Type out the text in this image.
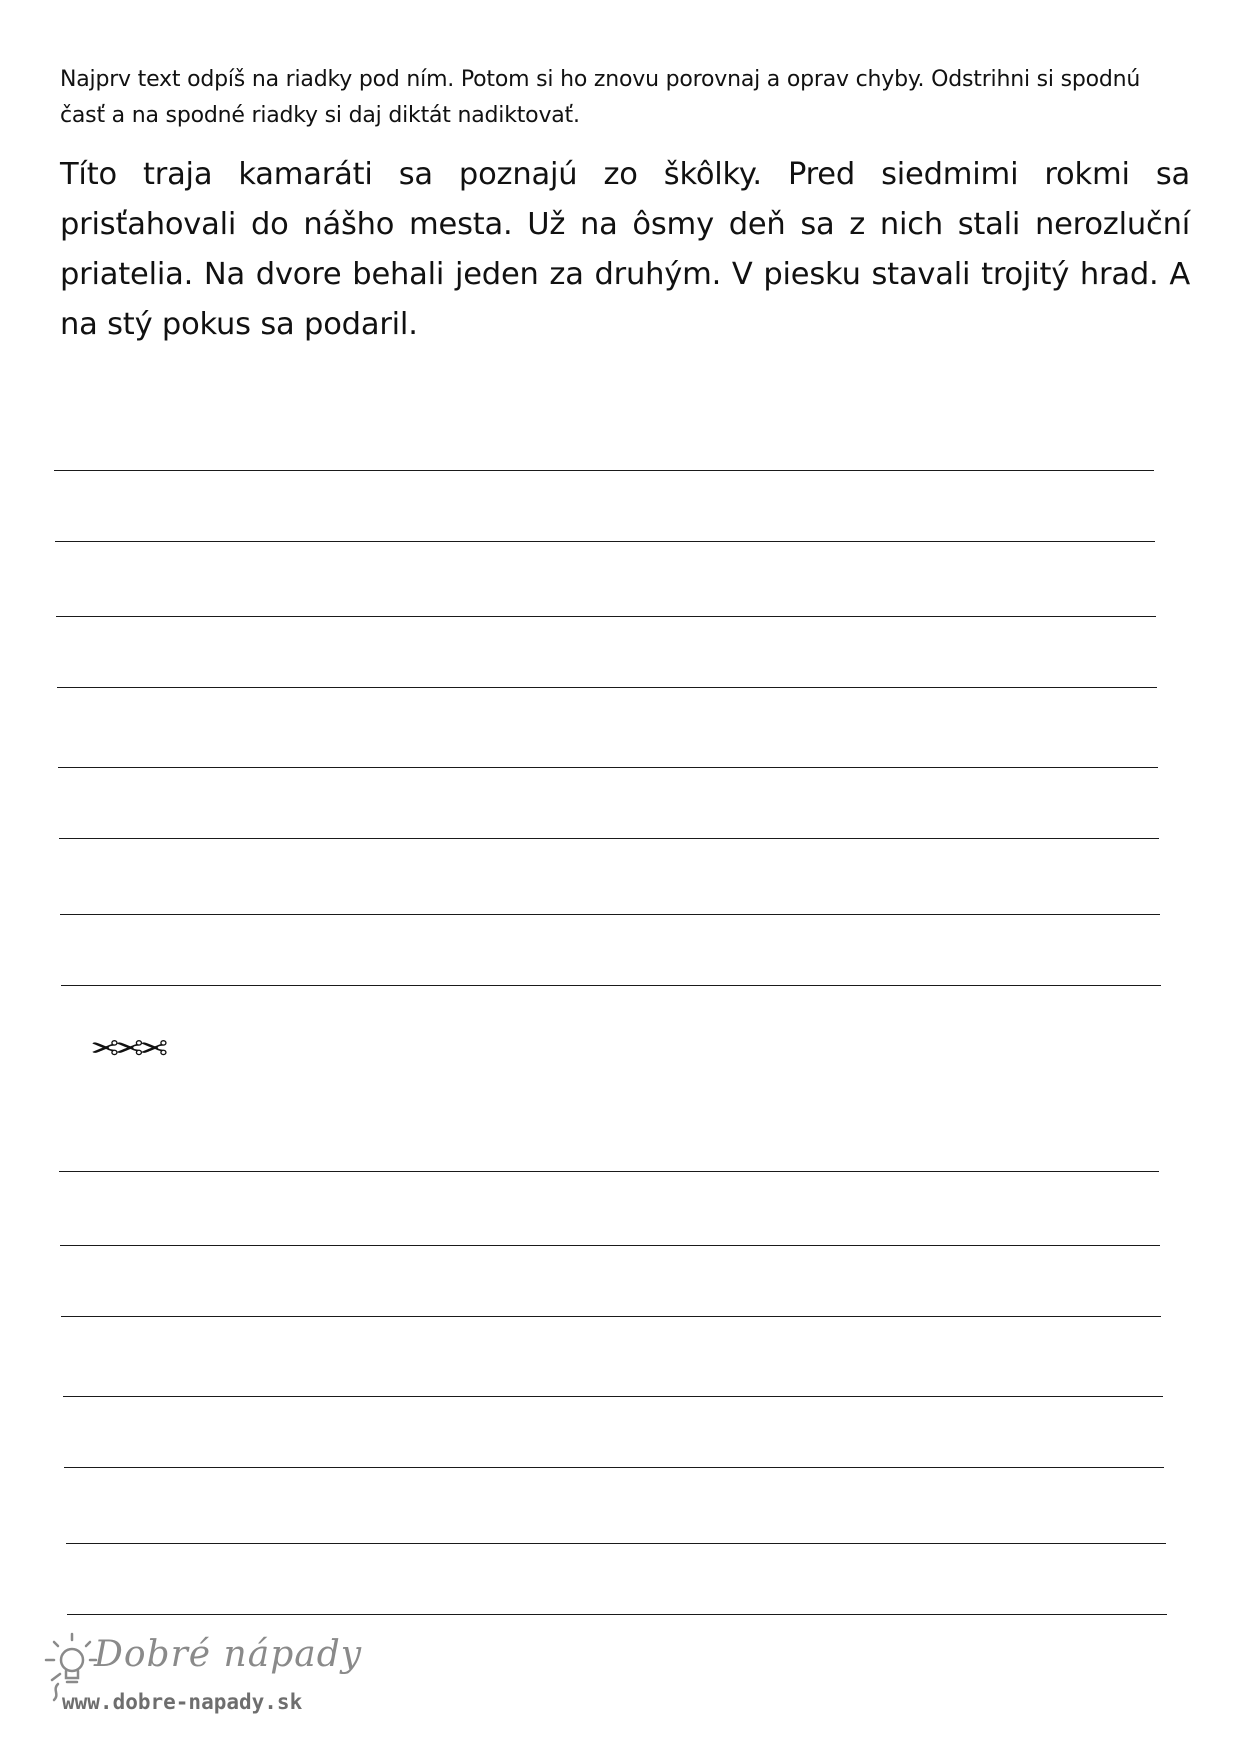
Najprv text odpíš na riadky pod ním. Potom si ho znovu porovnaj a oprav chyby. Odstrihni si spodnú časť a na spodné riadky si daj diktát nadiktovať.
Títo traja kamaráti sa poznajú zo škôlky. Pred siedmimi rokmi sa prisťahovali do nášho mesta. Už na ôsmy deň sa z nich stali nerozluční priatelia. Na dvore behali jeden za druhým. V piesku stavali trojitý hrad. A na stý pokus sa podaril.
✂✂✂
Dobré nápady
www.dobre-napady.sk
